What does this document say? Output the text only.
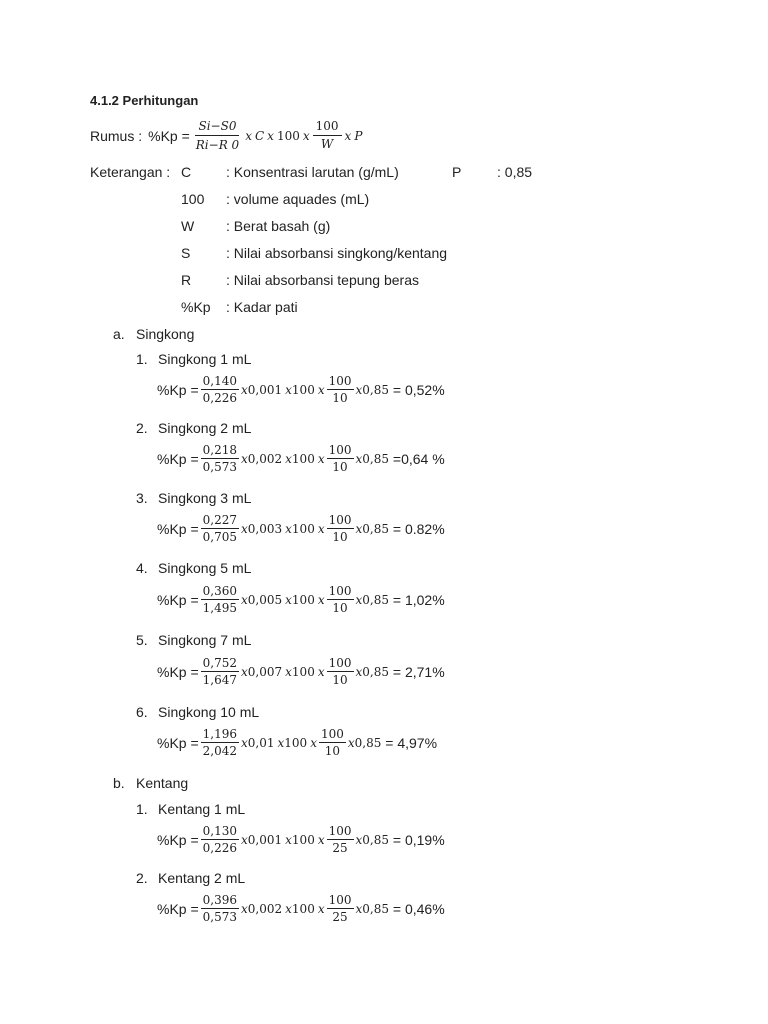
4.1.2 Perhitungan
Rumus : $\%Kp = \frac{Si-S0}{Ri-R 0}$ x C x 100 x $\frac{100}{W}$ x P
Keterangan : C : Konsentrasi larutan (g/mL)	P	: 0,85
100 : volume aquades (mL)
W : Berat basah (g)
S	: Nilai absorbansi singkong/kentang
R : Nilai absorbansi tepung beras
%Kp : Kadar pati
a. Singkong
1. Singkong 1 mL
$\%Kp = \frac{0,140}{0,226}$ x 0,001 x 100 x $\frac{100}{10}$ x 0,85 = 0,52%
2. Singkong 2 mL
$\%Kp = \frac{0,218}{0,573}$ x 0,002 x 100 x $\frac{100}{10}$ x 0,85 =0,64 %
3. Singkong 3 mL
$\%Kp = \frac{0,227}{0,705}$ x 0,003 x 100 x $\frac{100}{10}$ x 0,85 = 0.82%
4. Singkong 5 mL
$\%Kp = \frac{0,360}{1,495}$ x 0,005 x 100 x $\frac{100}{10}$ x 0,85 = 1,02%
5. Singkong 7 mL
$\%Kp = \frac{0,752}{1,647}$ x 0,007 x 100 x $\frac{100}{10}$ x 0,85 = 2,71%
6. Singkong 10 mL
$\%Kp = \frac{1,196}{2,042}$ x 0,01 x 100 x $\frac{100}{10}$ x 0,85 = 4,97%
b. Kentang
1. Kentang 1 mL
$\%Kp = \frac{0,130}{0,226}$ x 0,001 x 100 x $\frac{100}{25}$ x 0,85 = 0,19%
2. Kentang 2 mL
$\%Kp = \frac{0,396}{0,573}$ x 0,002 x 100 x $\frac{100}{25}$ x 0,85 = 0,46%
